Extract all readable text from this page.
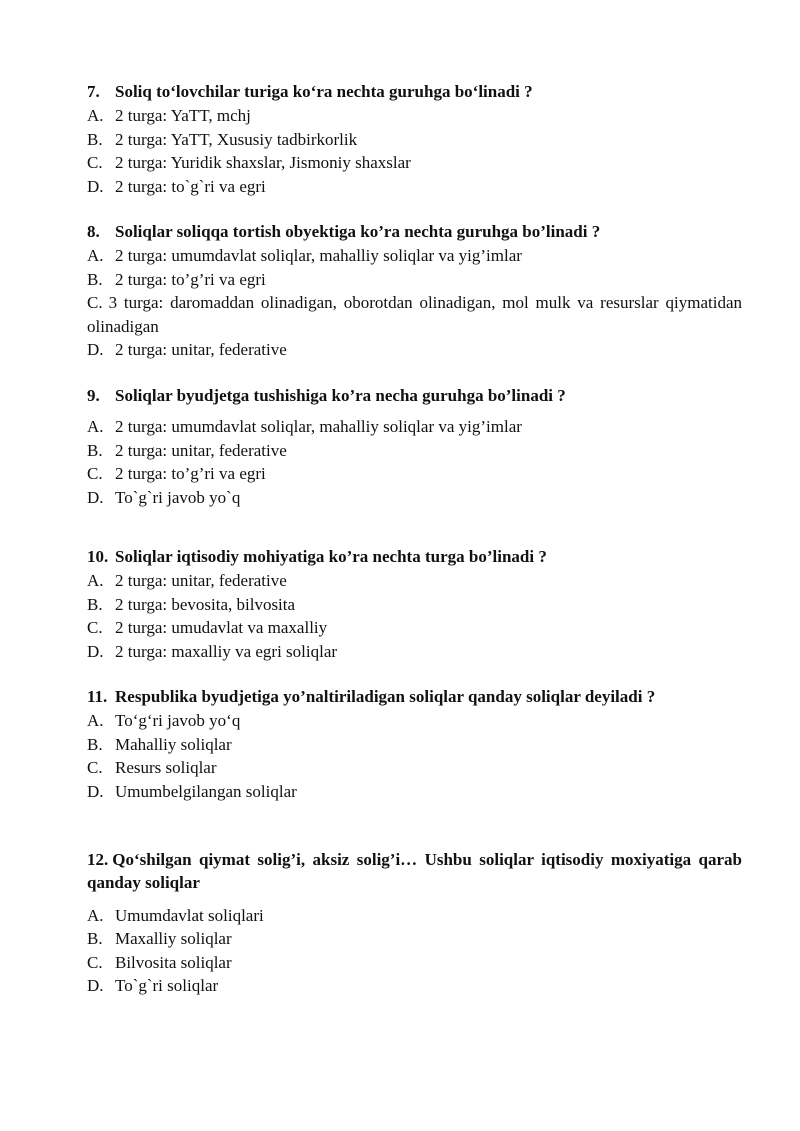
7. Soliq to‘lovchilar turiga ko‘ra nechta guruhga bo‘linadi ?
A. 2 turga: YaTT, mchj
B. 2 turga: YaTT, Xususiy tadbirkorlik
C. 2 turga: Yuridik shaxslar, Jismoniy shaxslar
D. 2 turga: to`g`ri va egri
8. Soliqlar soliqqa tortish obyektiga ko’ra nechta guruhga bo’linadi ?
A. 2 turga: umumdavlat soliqlar, mahalliy soliqlar va yig’imlar
B. 2 turga: to’g’ri va egri
C. 3 turga: daromaddan olinadigan, oborotdan olinadigan, mol mulk va resurslar qiymatidan olinadigan
D. 2 turga: unitar, federative
9. Soliqlar byudjetga tushishiga ko’ra necha guruhga bo’linadi ?
A. 2 turga: umumdavlat soliqlar, mahalliy soliqlar va yig’imlar
B. 2 turga: unitar, federative
C. 2 turga: to’g’ri va egri
D. To`g`ri javob yo`q
10. Soliqlar iqtisodiy mohiyatiga ko’ra nechta turga bo’linadi ?
A. 2 turga: unitar, federative
B. 2 turga: bevosita, bilvosita
C. 2 turga: umudavlat va maxalliy
D. 2 turga: maxalliy va egri soliqlar
11. Respublika byudjetiga yo’naltiriladigan soliqlar qanday soliqlar deyiladi ?
A. To‘g‘ri javob yo‘q
B. Mahalliy soliqlar
C. Resurs soliqlar
D. Umumbelgilangan soliqlar
12. Qo‘shilgan qiymat solig’i, aksiz solig’i… Ushbu soliqlar iqtisodiy moxiyatiga qarab qanday soliqlar
A. Umumdavlat soliqlari
B. Maxalliy soliqlar
C. Bilvosita soliqlar
D. To`g`ri soliqlar
